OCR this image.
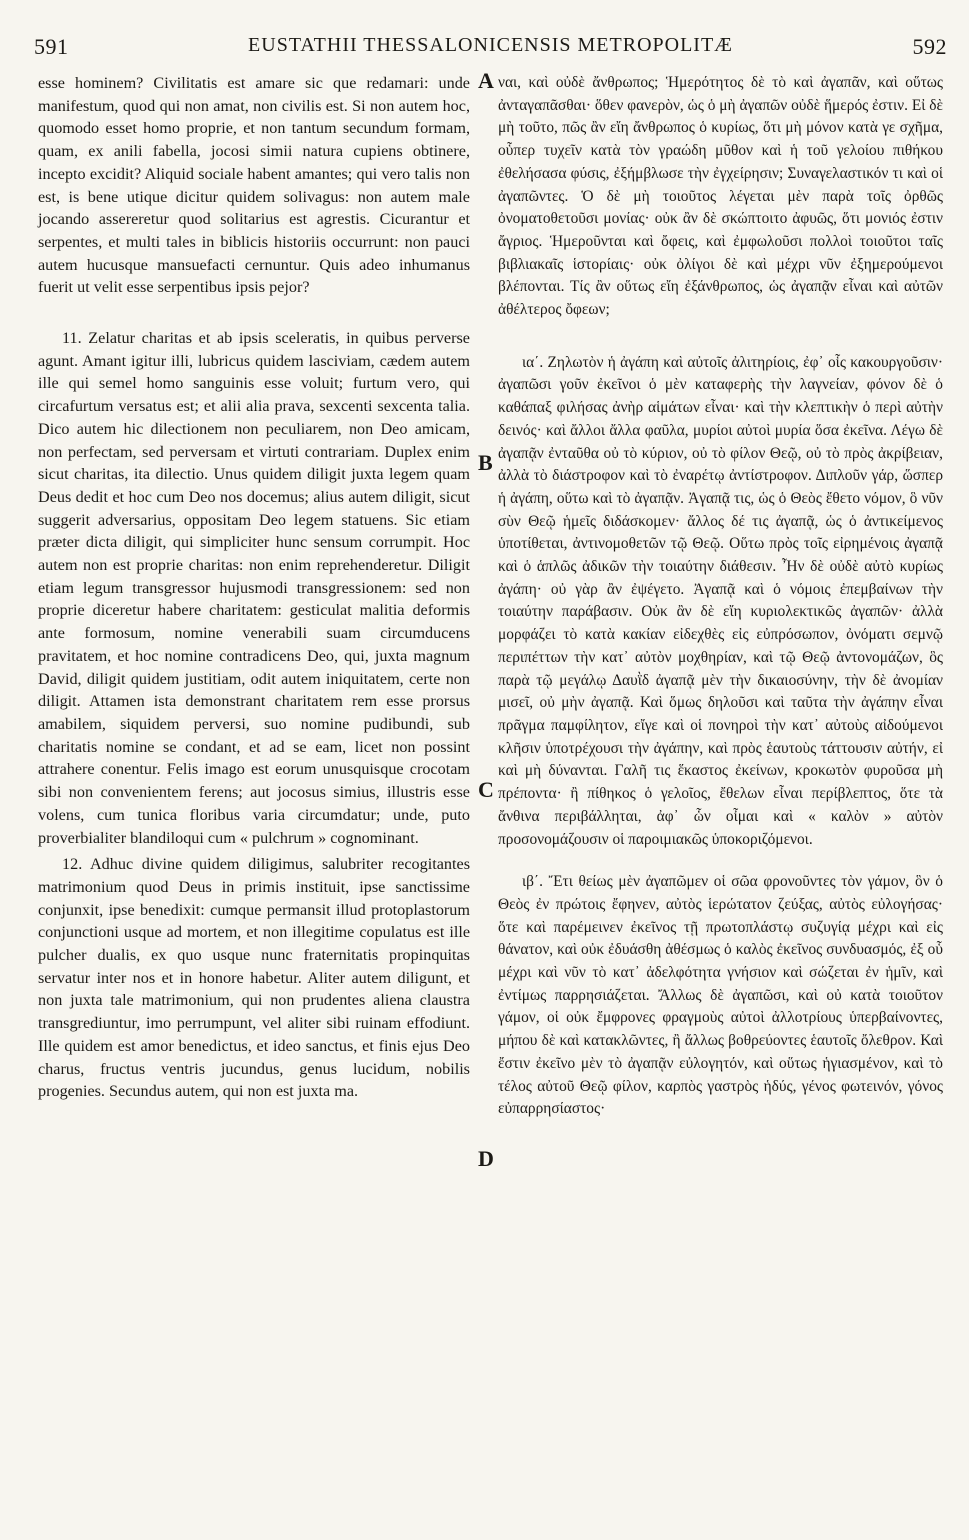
591	EUSTATHII THESSALONICENSIS METROPOLITÆ	592

esse hominem? Civilitatis est amare sic que redamari: unde manifestum, quod qui non amat, non civilis est. Si non autem hoc, quomodo esset homo proprie, et non tantum secundum formam, quam, ex anili fabella, jocosi simii natura cupiens obtinere, incepto excidit? Aliquid sociale habent amantes; qui vero talis non est, is bene utique dicitur quidem solivagus: non autem male jocando assereretur quod solitarius est agrestis. Cicurantur et serpentes, et multi tales in biblicis historiis occurrunt: non pauci autem hucusque mansuefacti cernuntur. Quis adeo inhumanus fuerit ut velit esse serpentibus ipsis pejor?

11. Zelatur charitas et ab ipsis sceleratis, in quibus perverse agunt. Amant igitur illi, lubricus quidem lasciviam, cædem autem ille qui semel homo sanguinis esse voluit; furtum vero, qui circafurtum versatus est; et alii alia prava, sexcenti sexcenta talia. Dico autem hic dilectionem non peculiarem, non Deo amicam, non perfectam, sed perversam et virtuti contrariam. Duplex enim sicut charitas, ita dilectio. Unus quidem diligit juxta legem quam Deus dedit et hoc cum Deo nos docemus; alius autem diligit, sicut suggerit adversarius, oppositam Deo legem statuens. Sic etiam præter dicta diligit, qui simpliciter hunc sensum corrumpit. Hoc autem non est proprie charitas: non enim reprehenderetur. Diligit etiam legum transgressor hujusmodi transgressionem: sed non proprie diceretur habere charitatem: gesticulat malitia deformis ante formosum, nomine venerabili suam circumducens pravitatem, et hoc nomine contradicens Deo, qui, juxta magnum David, diligit quidem justitiam, odit autem iniquitatem, certe non diligit. Attamen ista demonstrant charitatem rem esse prorsus amabilem, siquidem perversi, suo nomine pudibundi, sub charitatis nomine se condant, et ad se eam, licet non possint attrahere conentur. Felis imago est eorum unusquisque crocotam sibi non convenientem ferens; aut jocosus simius, illustris esse volens, cum tunica floribus varia circumdatur; unde, puto proverbialiter blandiloqui cum « pulchrum » cognominant.

12. Adhuc divine quidem diligimus, salubriter recogitantes matrimonium quod Deus in primis instituit, ipse sanctissime conjunxit, ipse benedixit: cumque permansit illud protoplastorum conjunctioni usque ad mortem, et non illegitime copulatus est ille pulcher dualis, ex quo usque nunc fraternitatis propinquitas servatur inter nos et in honore habetur. Aliter autem diligunt, et non juxta tale matrimonium, qui non prudentes aliena claustra transgrediuntur, imo perrumpunt, vel aliter sibi ruinam effodiunt. Ille quidem est amor benedictus, et ideo sanctus, et finis ejus Deo charus, fructus ventris jucundus, genus lucidum, nobilis progenies. Secundus autem, qui non est juxta ma.

ναι, καὶ οὐδὲ ἄνθρωπος; Ἡμερότητος δὲ τὸ καὶ ἀγαπᾶν, καὶ οὕτως ἀνταγαπᾶσθαι· ὅθεν φανερὸν, ὡς ὁ μὴ ἀγαπῶν οὐδὲ ἥμερός ἐστιν. Εἰ δὲ μὴ τοῦτο, πῶς ἂν εἴη ἄνθρωπος ὁ κυρίως, ὅτι μὴ μόνον κατὰ γε σχῆμα, οὗπερ τυχεῖν κατὰ τὸν γραώδη μῦθον καὶ ἡ τοῦ γελοίου πιθήκου ἐθελήσασα φύσις, ἐξήμβλωσε τὴν ἐγχείρησιν; Συναγελαστικόν τι καὶ οἱ ἀγαπῶντες. Ὁ δὲ μὴ τοιοῦτος λέγεται μὲν παρὰ τοῖς ὀρθῶς ὀνοματοθετοῦσι μονίας· οὐκ ἂν δὲ σκώπτοιτο ἀφυῶς, ὅτι μονιός ἐστιν ἄγριος. Ἡμεροῦνται καὶ ὄφεις, καὶ ἐμφωλοῦσι πολλοὶ τοιοῦτοι ταῖς βιβλιακαῖς ἱστορίαις· οὐκ ὀλίγοι δὲ καὶ μέχρι νῦν ἐξημερούμενοι βλέπονται. Τίς ἂν οὕτως εἴη ἐξάνθρωπος, ὡς ἀγαπᾷν εἶναι καὶ αὐτῶν ἀθέλτερος ὄφεων;

ια΄. Ζηλωτὸν ἡ ἀγάπη καὶ αὐτοῖς ἀλιτηρίοις, ἐφ᾽ οἷς κακουργοῦσιν· ἀγαπῶσι γοῦν ἐκεῖνοι ὁ μὲν καταφερὴς τὴν λαγνείαν, φόνον δὲ ὁ καθάπαξ φιλήσας ἀνὴρ αἱμάτων εἶναι· καὶ τὴν κλεπτικὴν ὁ περὶ αὐτὴν δεινός· καὶ ἄλλοι ἄλλα φαῦλα, μυρίοι αὐτοὶ μυρία ὅσα ἐκεῖνα. Λέγω δὲ ἀγαπᾷν ἐνταῦθα οὐ τὸ κύριον, οὐ τὸ φίλον Θεῷ, οὐ τὸ πρὸς ἀκρίβειαν, ἀλλὰ τὸ διάστροφον καὶ τὸ ἐναρέτῳ ἀντίστροφον. Διπλοῦν γάρ, ὥσπερ ἡ ἀγάπη, οὕτω καὶ τὸ ἀγαπᾷν. Ἀγαπᾷ τις, ὡς ὁ Θεὸς ἔθετο νόμον, ὃ νῦν σὺν Θεῷ ἡμεῖς διδάσκομεν· ἄλλος δέ τις ἀγαπᾷ, ὡς ὁ ἀντικείμενος ὑποτίθεται, ἀντινομοθετῶν τῷ Θεῷ. Οὕτω πρὸς τοῖς εἰρημένοις ἀγαπᾷ καὶ ὁ ἁπλῶς ἀδικῶν τὴν τοιαύτην διάθεσιν. Ἦν δὲ οὐδὲ αὐτὸ κυρίως ἀγάπη· οὐ γὰρ ἂν ἐψέγετο. Ἀγαπᾷ καὶ ὁ νόμοις ἐπεμβαίνων τὴν τοιαύτην παράβασιν. Οὐκ ἂν δὲ εἴη κυριολεκτικῶς ἀγαπῶν· ἀλλὰ μορφάζει τὸ κατὰ κακίαν εἰδεχθὲς εἰς εὐπρόσωπον, ὀνόματι σεμνῷ περιπέττων τὴν κατ᾽ αὐτὸν μοχθηρίαν, καὶ τῷ Θεῷ ἀντονομάζων, ὃς παρὰ τῷ μεγάλῳ Δαυῒδ ἀγαπᾷ μὲν τὴν δικαιοσύνην, τὴν δὲ ἀνομίαν μισεῖ, οὐ μὴν ἀγαπᾷ. Καὶ ὅμως δηλοῦσι καὶ ταῦτα τὴν ἀγάπην εἶναι πρᾶγμα παμφίλητον, εἴγε καὶ οἱ πονηροὶ τὴν κατ᾽ αὐτοὺς αἰδούμενοι κλῆσιν ὑποτρέχουσι τὴν ἀγάπην, καὶ πρὸς ἑαυτοὺς τάττουσιν αὐτήν, εἰ καὶ μὴ δύνανται. Γαλῆ τις ἕκαστος ἐκείνων, κροκωτὸν φυροῦσα μὴ πρέποντα· ἢ πίθηκος ὁ γελοῖος, ἔθελων εἶναι περίβλεπτος, ὅτε τὰ ἄνθινα περιβάλληται, ἀφ᾽ ὧν οἶμαι καὶ « καλὸν » αὐτὸν προσονομάζουσιν οἱ παροιμιακῶς ὑποκοριζόμενοι.

ιβ΄. Ἔτι θείως μὲν ἀγαπῶμεν οἱ σῶα φρονοῦντες τὸν γάμον, ὃν ὁ Θεὸς ἐν πρώτοις ἔφηνεν, αὐτὸς ἱερώτατον ζεύξας, αὐτὸς εὐλογήσας· ὅτε καὶ παρέμεινεν ἐκεῖνος τῇ πρωτοπλάστῳ συζυγίᾳ μέχρι καὶ εἰς θάνατον, καὶ οὐκ ἐδυάσθη ἀθέσμως ὁ καλὸς ἐκεῖνος συνδυασμός, ἐξ οὗ μέχρι καὶ νῦν τὸ κατ᾽ ἀδελφότητα γνήσιον καὶ σώζεται ἐν ἡμῖν, καὶ ἐντίμως παρρησιάζεται. Ἄλλως δὲ ἀγαπῶσι, καὶ οὐ κατὰ τοιοῦτον γάμον, οἱ οὐκ ἔμφρονες φραγμοὺς αὐτοὶ ἀλλοτρίους ὑπερβαίνοντες, μήπου δὲ καὶ κατακλῶντες, ἢ ἄλλως βοθρεύοντες ἑαυτοῖς ὄλεθρον. Καὶ ἔστιν ἐκεῖνο μὲν τὸ ἀγαπᾷν εὐλογητόν, καὶ οὕτως ἡγιασμένον, καὶ τὸ τέλος αὐτοῦ Θεῷ φίλον, καρπὸς γαστρὸς ἡδύς, γένος φωτεινόν, γόνος εὐπαρρησίαστος·

A
B
C
D
